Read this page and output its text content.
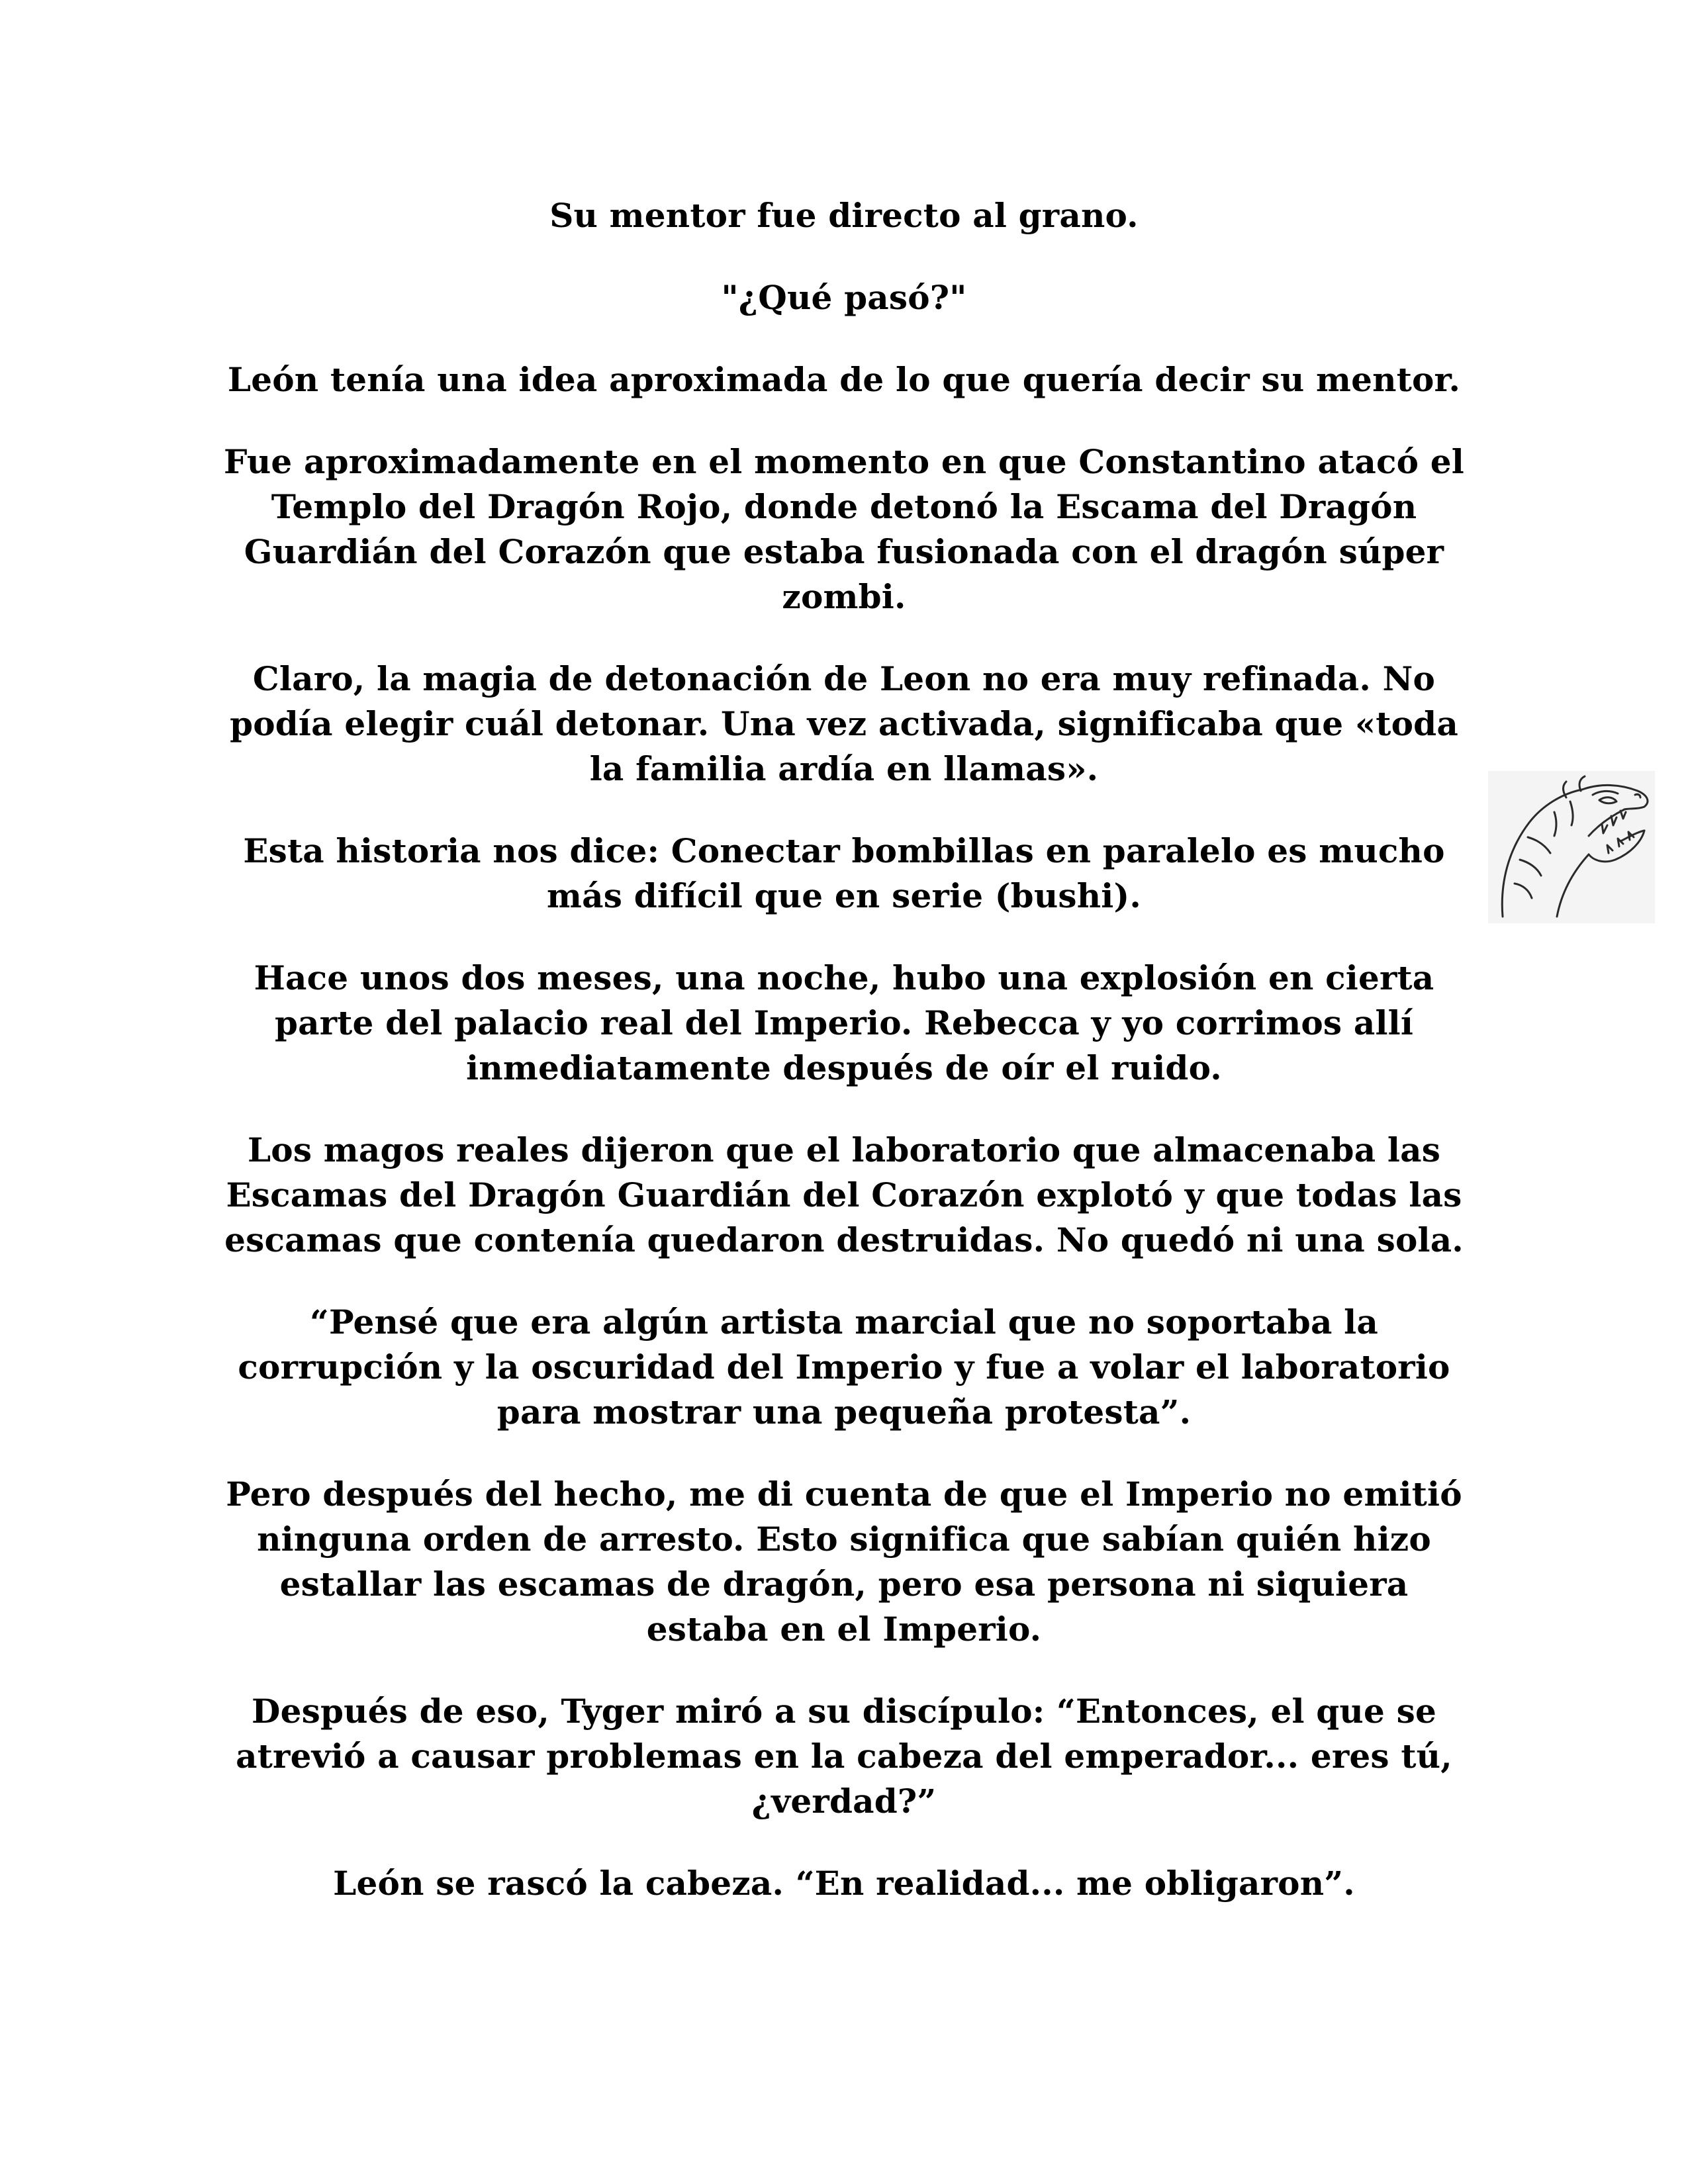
Su mentor fue directo al grano.

"¿Qué pasó?"

León tenía una idea aproximada de lo que quería decir su mentor.

Fue aproximadamente en el momento en que Constantino atacó el Templo del Dragón Rojo, donde detonó la Escama del Dragón Guardián del Corazón que estaba fusionada con el dragón súper zombi.

Claro, la magia de detonación de Leon no era muy refinada. No podía elegir cuál detonar. Una vez activada, significaba que «toda la familia ardía en llamas».

Esta historia nos dice: Conectar bombillas en paralelo es mucho más difícil que en serie (bushi).

Hace unos dos meses, una noche, hubo una explosión en cierta parte del palacio real del Imperio. Rebecca y yo corrimos allí inmediatamente después de oír el ruido.

Los magos reales dijeron que el laboratorio que almacenaba las Escamas del Dragón Guardián del Corazón explotó y que todas las escamas que contenía quedaron destruidas. No quedó ni una sola.

“Pensé que era algún artista marcial que no soportaba la corrupción y la oscuridad del Imperio y fue a volar el laboratorio para mostrar una pequeña protesta”.

Pero después del hecho, me di cuenta de que el Imperio no emitió ninguna orden de arresto. Esto significa que sabían quién hizo estallar las escamas de dragón, pero esa persona ni siquiera estaba en el Imperio.

Después de eso, Tyger miró a su discípulo: “Entonces, el que se atrevió a causar problemas en la cabeza del emperador... eres tú, ¿verdad?”

León se rascó la cabeza. “En realidad... me obligaron”.
